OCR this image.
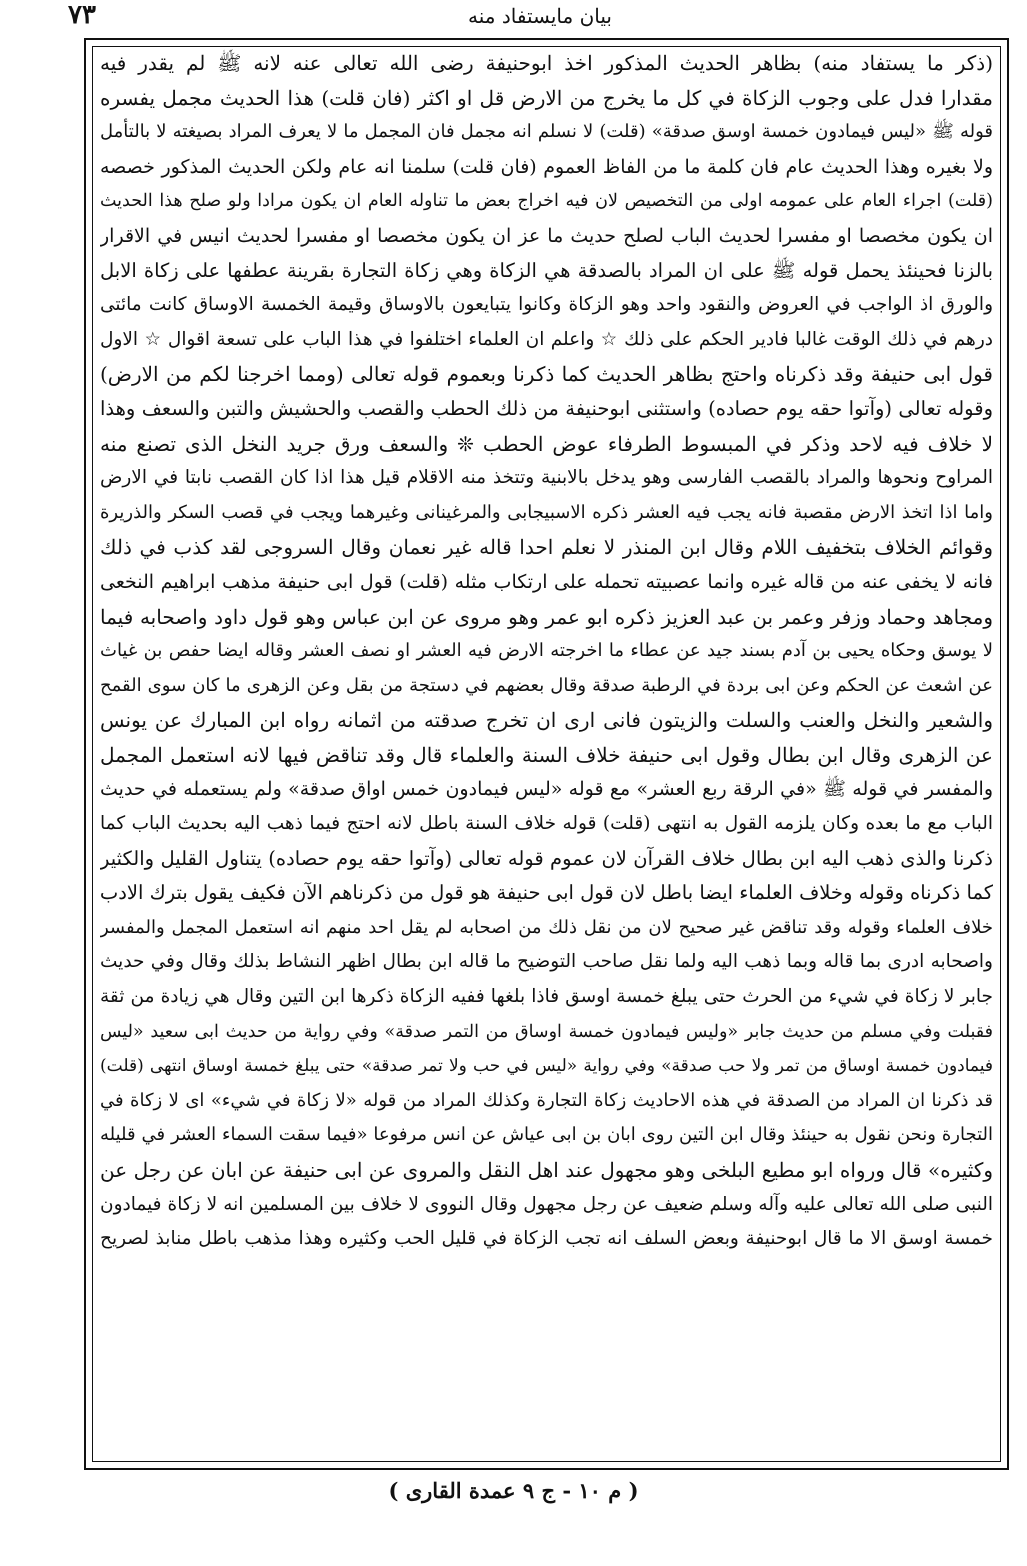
٧٣	بيان مايستفاد منه
(ذكر ما يستفاد منه) بظاهر الحديث المذكور اخذ ابوحنيفة رضى الله تعالى عنه لانه ﷺ لم يقدر فيه
مقدارا فدل على وجوب الزكاة في كل ما يخرج من الارض قل او اكثر (فان قلت) هذا الحديث مجمل يفسره
قوله ﷺ «ليس فيمادون خمسة اوسق صدقة» (قلت) لا نسلم انه مجمل فان المجمل ما لا يعرف المراد بصيغته لا بالتأمل
ولا بغيره وهذا الحديث عام فان كلمة ما من الفاظ العموم (فان قلت) سلمنا انه عام ولكن الحديث المذكور خصصه
(قلت) اجراء العام على عمومه اولى من التخصيص لان فيه اخراج بعض ما تناوله العام ان يكون مرادا ولو صلح هذا الحديث
ان يكون مخصصا او مفسرا لحديث الباب لصلح حديث ما عز ان يكون مخصصا او مفسرا لحديث انيس في الاقرار
بالزنا فحينئذ يحمل قوله ﷺ على ان المراد بالصدقة هي الزكاة وهي زكاة التجارة بقرينة عطفها على زكاة الابل
والورق اذ الواجب في العروض والنقود واحد وهو الزكاة وكانوا يتبايعون بالاوساق وقيمة الخمسة الاوساق كانت مائتى
درهم في ذلك الوقت غالبا فادير الحكم على ذلك ☆ واعلم ان العلماء اختلفوا في هذا الباب على تسعة اقوال ☆ الاول
قول ابى حنيفة وقد ذكرناه واحتج بظاهر الحديث كما ذكرنا وبعموم قوله تعالى (ومما اخرجنا لكم من الارض)
وقوله تعالى (وآتوا حقه يوم حصاده) واستثنى ابوحنيفة من ذلك الحطب والقصب والحشيش والتبن والسعف وهذا
لا خلاف فيه لاحد وذكر في المبسوط الطرفاء عوض الحطب ❊ والسعف ورق جريد النخل الذى تصنع منه
المراوح ونحوها والمراد بالقصب الفارسى وهو يدخل بالابنية وتتخذ منه الاقلام قيل هذا اذا كان القصب نابتا في الارض
واما اذا اتخذ الارض مقصبة فانه يجب فيه العشر ذكره الاسبيجابى والمرغينانى وغيرهما ويجب في قصب السكر والذريرة
وقوائم الخلاف بتخفيف اللام وقال ابن المنذر لا نعلم احدا قاله غير نعمان وقال السروجى لقد كذب في ذلك
فانه لا يخفى عنه من قاله غيره وانما عصبيته تحمله على ارتكاب مثله (قلت) قول ابى حنيفة مذهب ابراهيم النخعى
ومجاهد وحماد وزفر وعمر بن عبد العزيز ذكره ابو عمر وهو مروى عن ابن عباس وهو قول داود واصحابه فيما
لا يوسق وحكاه يحيى بن آدم بسند جيد عن عطاء ما اخرجته الارض فيه العشر او نصف العشر وقاله ايضا حفص بن غياث
عن اشعث عن الحكم وعن ابى بردة في الرطبة صدقة وقال بعضهم في دستجة من بقل وعن الزهرى ما كان سوى القمح
والشعير والنخل والعنب والسلت والزيتون فانى ارى ان تخرج صدقته من اثمانه رواه ابن المبارك عن يونس
عن الزهرى وقال ابن بطال وقول ابى حنيفة خلاف السنة والعلماء قال وقد تناقض فيها لانه استعمل المجمل
والمفسر في قوله ﷺ «في الرقة ربع العشر» مع قوله «ليس فيمادون خمس اواق صدقة» ولم يستعمله في حديث
الباب مع ما بعده وكان يلزمه القول به انتهى (قلت) قوله خلاف السنة باطل لانه احتج فيما ذهب اليه بحديث الباب كما
ذكرنا والذى ذهب اليه ابن بطال خلاف القرآن لان عموم قوله تعالى (وآتوا حقه يوم حصاده) يتناول القليل والكثير
كما ذكرناه وقوله وخلاف العلماء ايضا باطل لان قول ابى حنيفة هو قول من ذكرناهم الآن فكيف يقول بترك الادب
خلاف العلماء وقوله وقد تناقض غير صحيح لان من نقل ذلك من اصحابه لم يقل احد منهم انه استعمل المجمل والمفسر
واصحابه ادرى بما قاله وبما ذهب اليه ولما نقل صاحب التوضيح ما قاله ابن بطال اظهر النشاط بذلك وقال وفي حديث
جابر لا زكاة في شيء من الحرث حتى يبلغ خمسة اوسق فاذا بلغها ففيه الزكاة ذكرها ابن التين وقال هي زيادة من ثقة
فقبلت وفي مسلم من حديث جابر «وليس فيمادون خمسة اوساق من التمر صدقة» وفي رواية من حديث ابى سعيد «ليس
فيمادون خمسة اوساق من تمر ولا حب صدقة» وفي رواية «ليس في حب ولا تمر صدقة» حتى يبلغ خمسة اوساق انتهى (قلت)
قد ذكرنا ان المراد من الصدقة في هذه الاحاديث زكاة التجارة وكذلك المراد من قوله «لا زكاة في شيء» اى لا زكاة في
التجارة ونحن نقول به حينئذ وقال ابن التين روى ابان بن ابى عياش عن انس مرفوعا «فيما سقت السماء العشر في قليله
وكثيره» قال ورواه ابو مطيع البلخى وهو مجهول عند اهل النقل والمروى عن ابى حنيفة عن ابان عن رجل عن
النبى صلى الله تعالى عليه وآله وسلم ضعيف عن رجل مجهول وقال النووى لا خلاف بين المسلمين انه لا زكاة فيمادون
خمسة اوسق الا ما قال ابوحنيفة وبعض السلف انه تجب الزكاة في قليل الحب وكثيره وهذا مذهب باطل منابذ لصريح
( م ١٠ - ج ٩ عمدة القارى )
